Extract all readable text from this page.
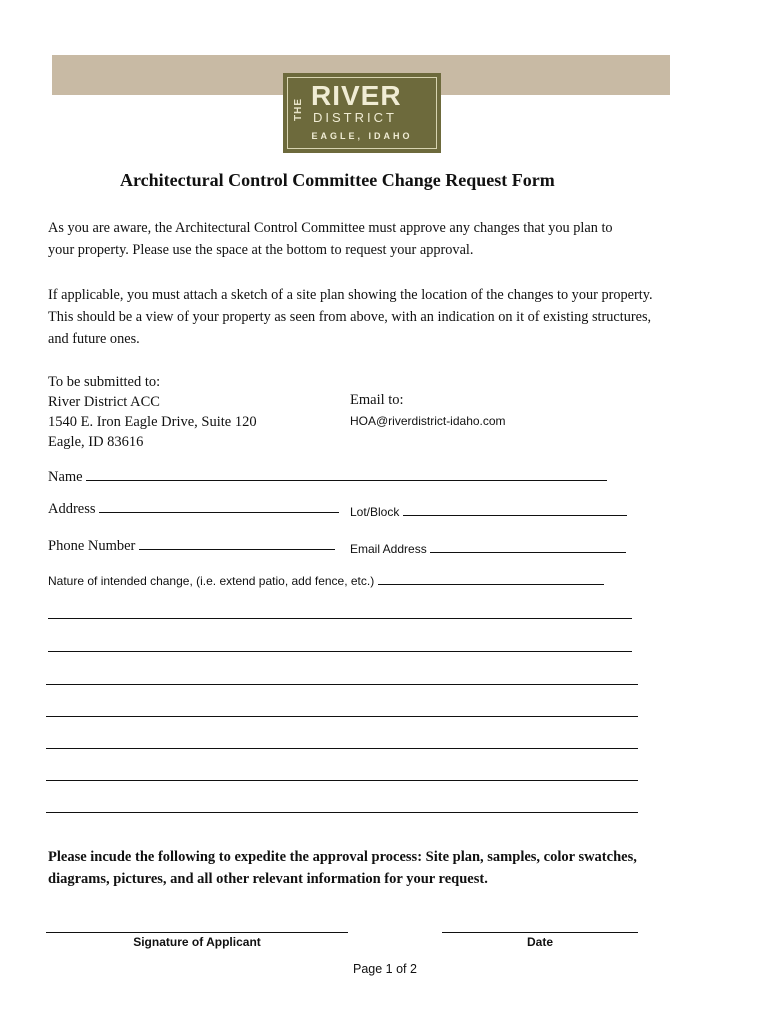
THE RIVER
DISTRICT
EAGLE, IDAHO
Architectural Control Committee Change Request Form
As you are aware, the Architectural Control Committee must approve any changes that you plan to
your property. Please use the space at the bottom to request your approval.
If applicable, you must attach a sketch of a site plan showing the location of the changes to your property.
This should be a view of your property as seen from above, with an indication on it of existing structures,
and future ones.
To be submitted to:
River District ACC
1540 E. Iron Eagle Drive, Suite 120
Eagle, ID 83616
Email to:
HOA@riverdistrict-idaho.com
Name
Address	Lot/Block
Phone Number	Email Address
Nature of intended change, (i.e. extend patio, add fence, etc.)
Please incude the following to expedite the approval process: Site plan, samples, color swatches, diagrams, pictures, and all other relevant information for your request.
Signature of Applicant	Date
Page 1 of 2
